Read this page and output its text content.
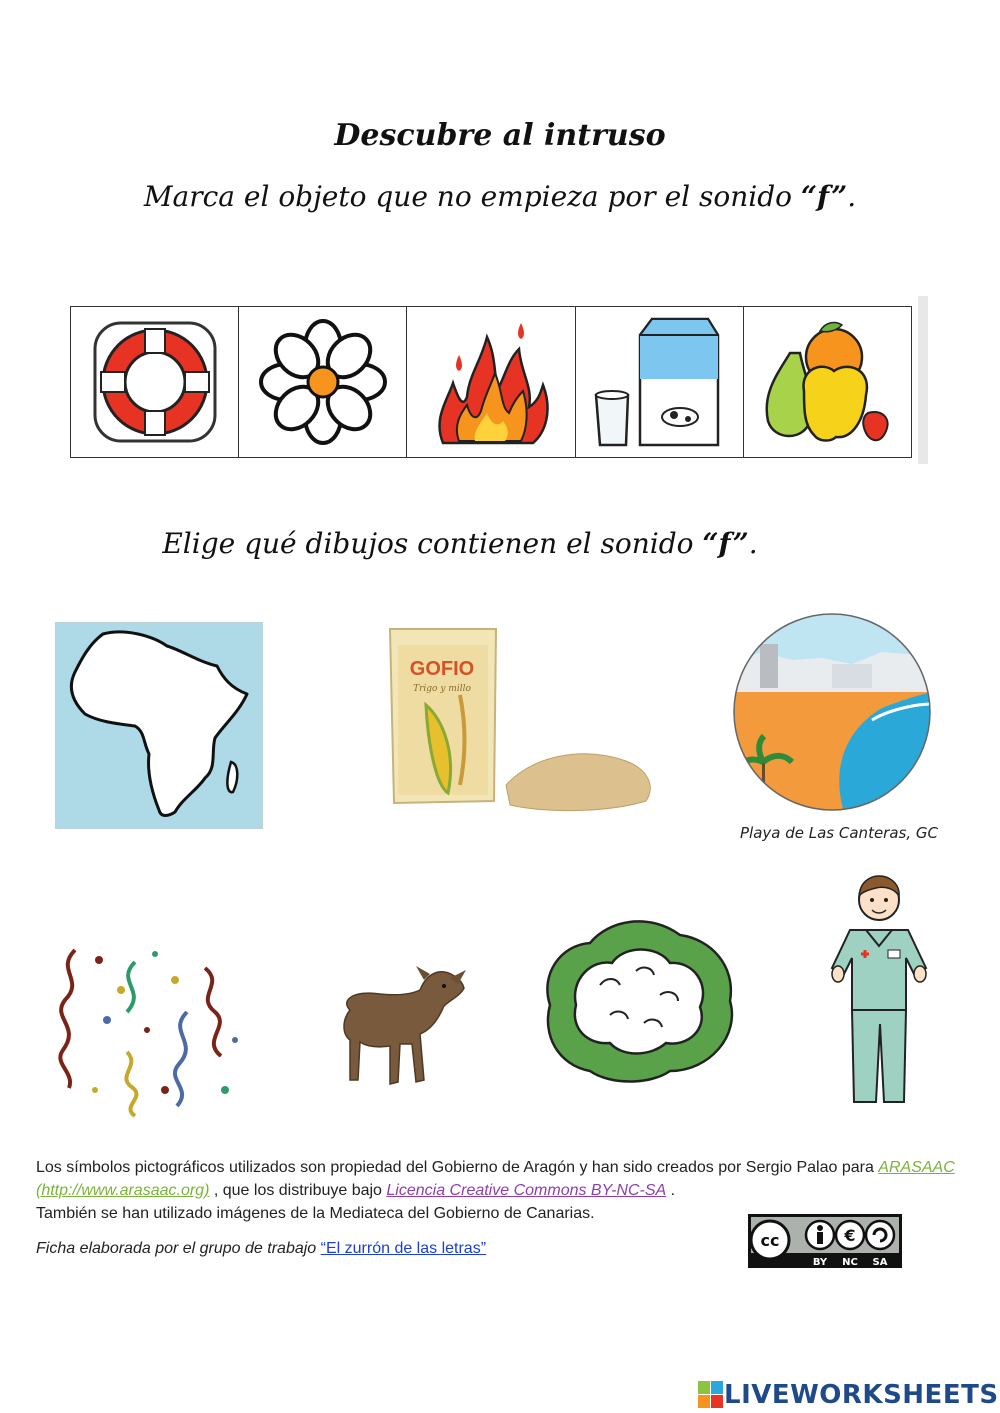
Descubre al intruso
Marca el objeto que no empieza por el sonido “f”.
Elige qué dibujos contienen el sonido “f”.
GOFIO
Trigo y millo
Playa de Las Canteras, GC
Los símbolos pictográficos utilizados son propiedad del Gobierno de Aragón y han sido creados por Sergio Palao para ARASAAC (http://www.arasaac.org) , que los distribuye bajo Licencia Creative Commons BY-NC-SA .
También se han utilizado imágenes de la Mediateca del Gobierno de Canarias.
Ficha elaborada por el grupo de trabajo “El zurrón de las letras”	cc	€
BY NC SA
LIVEWORKSHEETS
